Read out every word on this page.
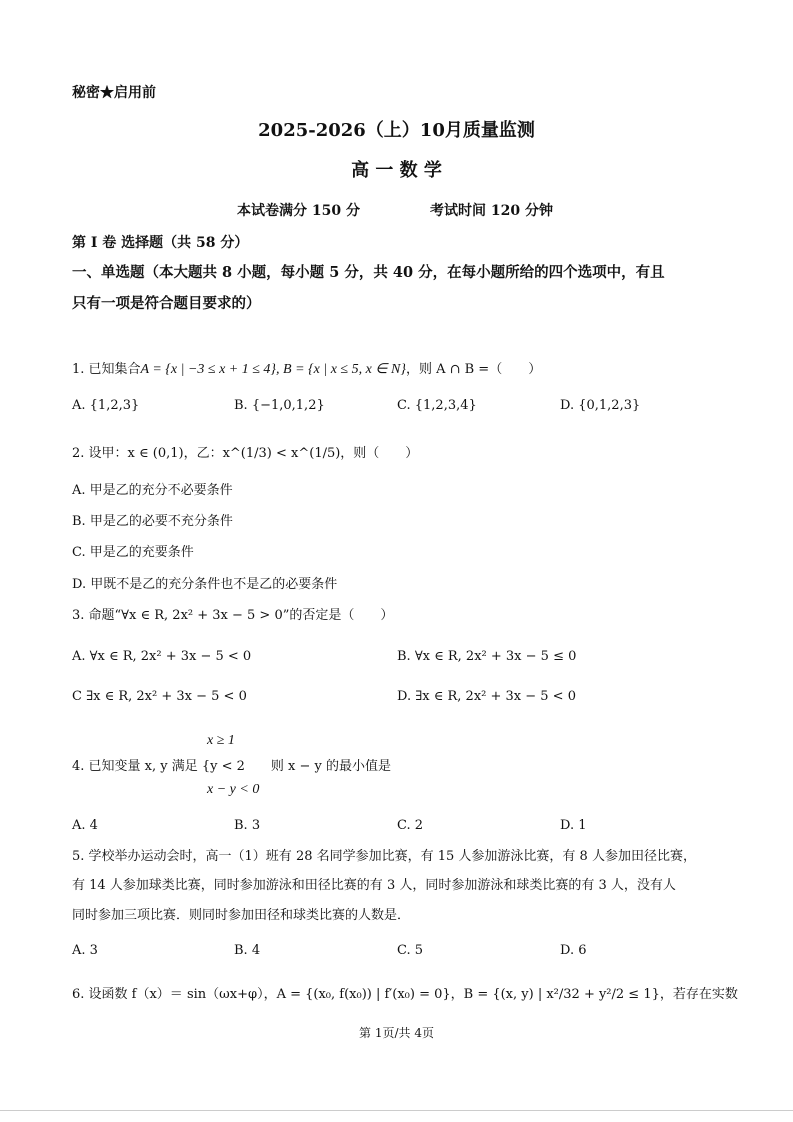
秘密★启用前
2025-2026（上）10月质量监测
高 一 数 学
本试卷满分 150 分	考试时间 120 分钟
第 I 卷 选择题（共 58 分）
一、单选题（本大题共 8 小题，每小题 5 分，共 40 分，在每小题所给的四个选项中，有且
只有一项是符合题目要求的）
1. 已知集合A = {x | −3 ≤ x + 1 ≤ 4}, B = {x | x ≤ 5, x ∈ N}，则 A ∩ B =（　　）
A. {1,2,3}	B. {−1,0,1,2}	C. {1,2,3,4}	D. {0,1,2,3}
2. 设甲：x ∈ (0,1)，乙：x^(1/3) < x^(1/5)，则（　　）
A. 甲是乙的充分不必要条件
B. 甲是乙的必要不充分条件
C. 甲是乙的充要条件
D. 甲既不是乙的充分条件也不是乙的必要条件
3. 命题“∀x ∈ R, 2x² + 3x − 5 > 0”的否定是（　　）
A. ∀x ∈ R, 2x² + 3x − 5 < 0	B. ∀x ∈ R, 2x² + 3x − 5 ≤ 0
C ∃x ∈ R, 2x² + 3x − 5 < 0	D. ∃x ∈ R, 2x² + 3x − 5 < 0
x ≥ 1
4. 已知变量 x, y 满足 {y < 2　　则 x − y 的最小值是
x − y < 0
A. 4	B. 3	C. 2	D. 1
5. 学校举办运动会时，高一（1）班有 28 名同学参加比赛，有 15 人参加游泳比赛，有 8 人参加田径比赛，
有 14 人参加球类比赛，同时参加游泳和田径比赛的有 3 人，同时参加游泳和球类比赛的有 3 人，没有人
同时参加三项比赛．则同时参加田径和球类比赛的人数是．
A. 3	B. 4	C. 5	D. 6
6. 设函数 f（x）＝ sin（ωx+φ），A = {(x₀, f(x₀)) | f′(x₀) = 0}，B = {(x, y) | x²/32 + y²/2 ≤ 1}，若存在实数
第 1页/共 4页
